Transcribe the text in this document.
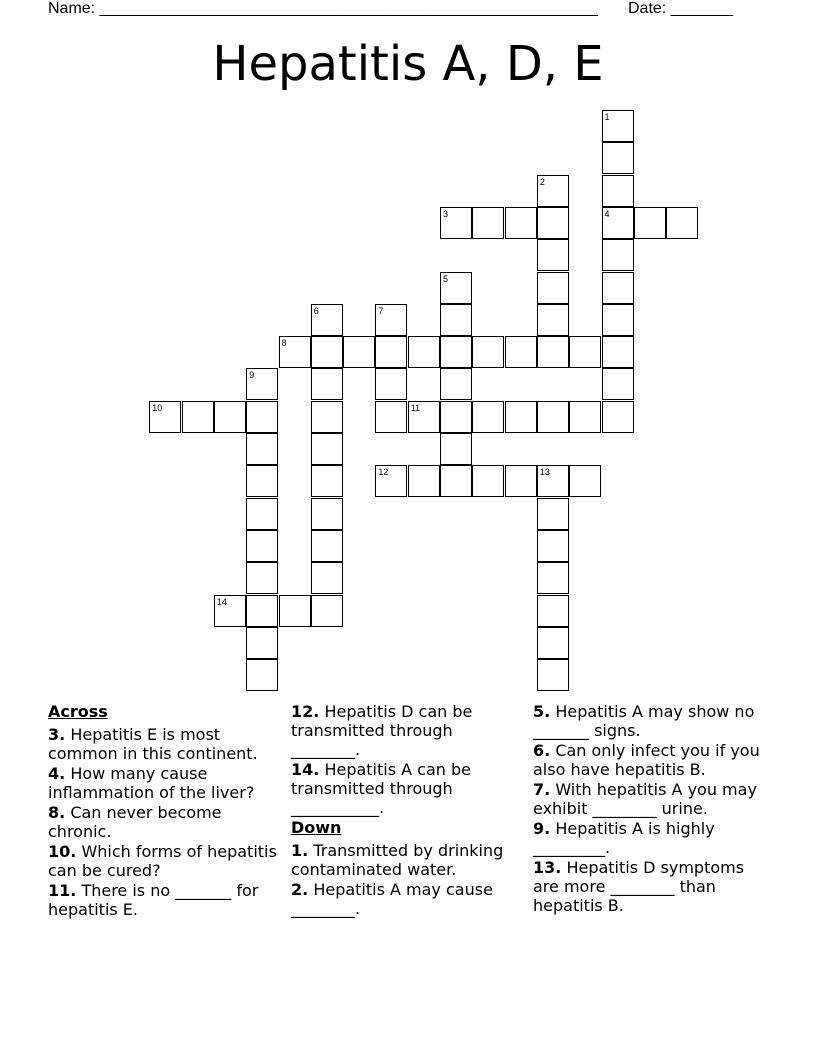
Name: ________________________________________________________ Date: _______
Hepatitis A, D, E
1
4
2
3
5
6	7
8
9
10	11
12	13
14
Across
3. Hepatitis E is most common in this continent.
4. How many cause inflammation of the liver?
8. Can never become chronic.
10. Which forms of hepatitis can be cured?
11. There is no _______ for hepatitis E.
12. Hepatitis D can be transmitted through ________.
14. Hepatitis A can be transmitted through ___________.
Down
1. Transmitted by drinking contaminated water.
2. Hepatitis A may cause ________.
5. Hepatitis A may show no _______ signs.
6. Can only infect you if you also have hepatitis B.
7. With hepatitis A you may exhibit ________ urine.
9. Hepatitis A is highly _________.
13. Hepatitis D symptoms are more ________ than hepatitis B.
